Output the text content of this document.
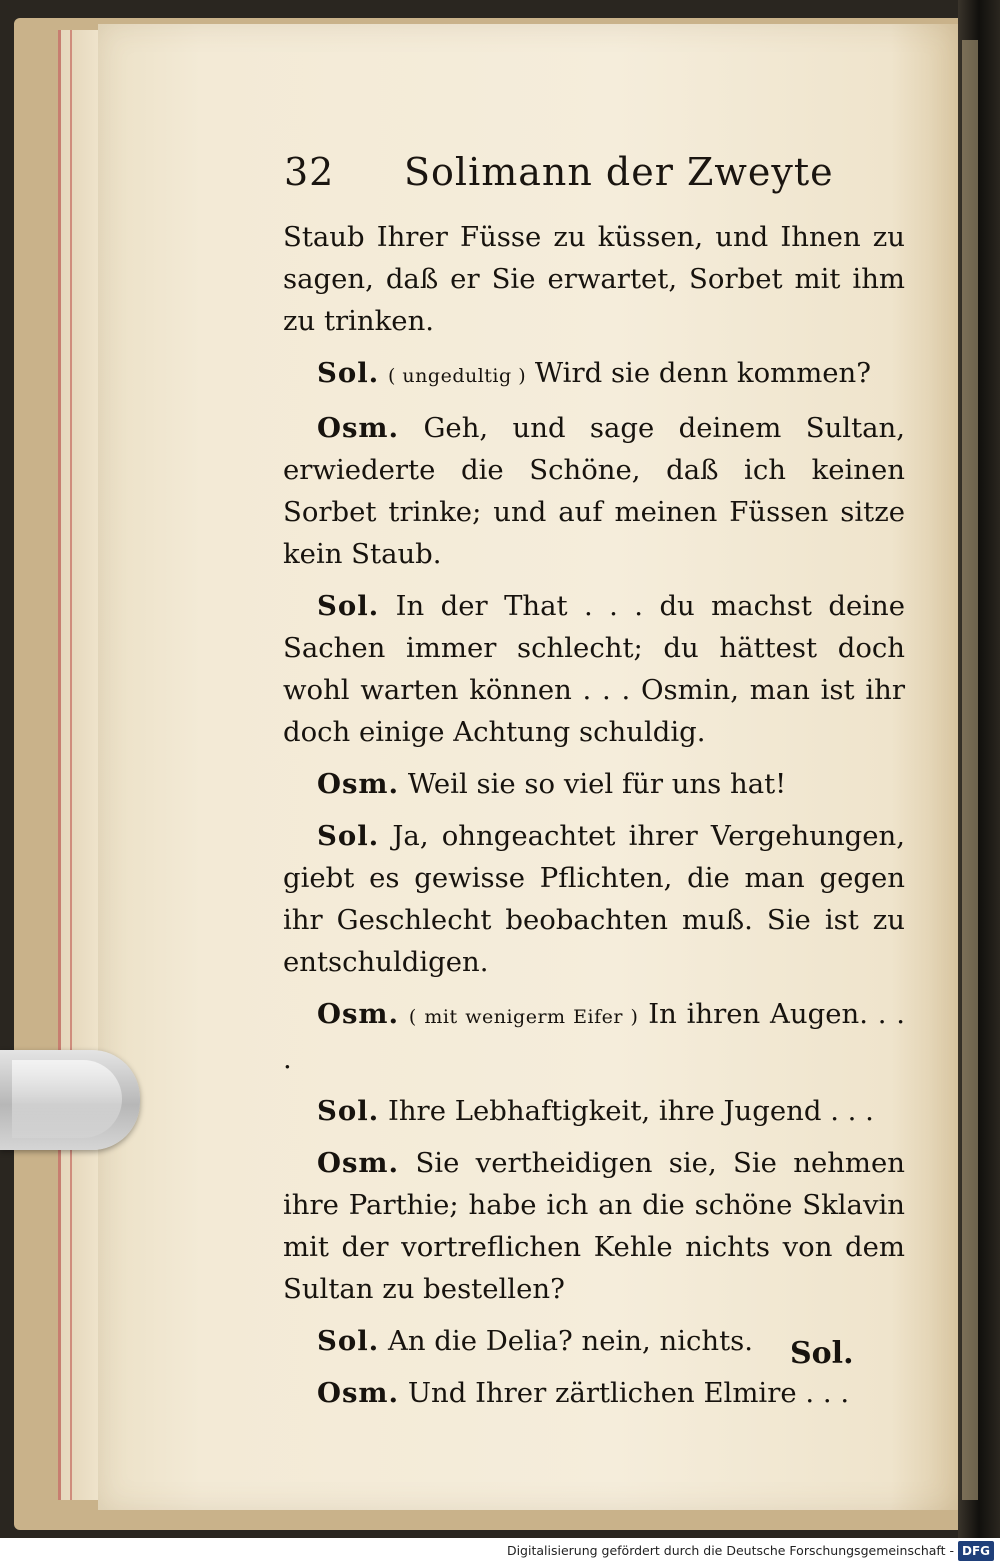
32 Solimann der Zweyte

Staub Ihrer Füsse zu küssen, und Ihnen zu sagen, daß er Sie erwartet, Sorbet mit ihm zu trinken.

Sol. ( ungedultig ) Wird sie denn kommen?

Osm. Geh, und sage deinem Sultan, erwiederte die Schöne, daß ich keinen Sorbet trinke; und auf meinen Füssen sitze kein Staub.

Sol. In der That . . . du machst deine Sachen immer schlecht; du hättest doch wohl warten können . . . Osmin, man ist ihr doch einige Achtung schuldig.

Osm. Weil sie so viel für uns hat!

Sol. Ja, ohngeachtet ihrer Vergehungen, giebt es gewisse Pflichten, die man gegen ihr Geschlecht beobachten muß. Sie ist zu entschuldigen.

Osm. ( mit wenigerm Eifer ) In ihren Augen. . . .

Sol. Ihre Lebhaftigkeit, ihre Jugend . . .

Osm. Sie vertheidigen sie, Sie nehmen ihre Parthie; habe ich an die schöne Sklavin mit der vortreflichen Kehle nichts von dem Sultan zu bestellen?

Sol. An die Delia? nein, nichts.

Osm. Und Ihrer zärtlichen Elmire . . .

Sol.
Digitalisierung gefördert durch die Deutsche Forschungsgemeinschaft - DFG
